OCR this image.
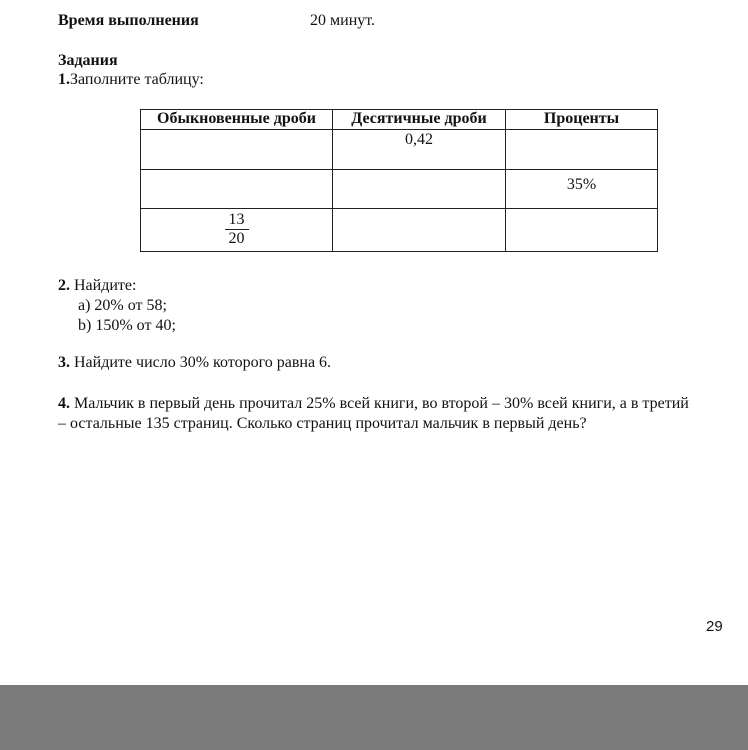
Время выполнения	20 минут.
Задания
1.Заполните таблицу:
Обыкновенные дроби	Десятичные дроби	Проценты
	0,42	
		35%

$\frac{13}{20}$

2. Найдите:
a) 20% от 58;
b) 150% от 40;
3. Найдите число 30% которого равна 6.
4. Мальчик в первый день прочитал 25% всей книги, во второй – 30% всей книги, а в третий
– остальные 135 страниц. Сколько страниц прочитал мальчик в первый день?
29
